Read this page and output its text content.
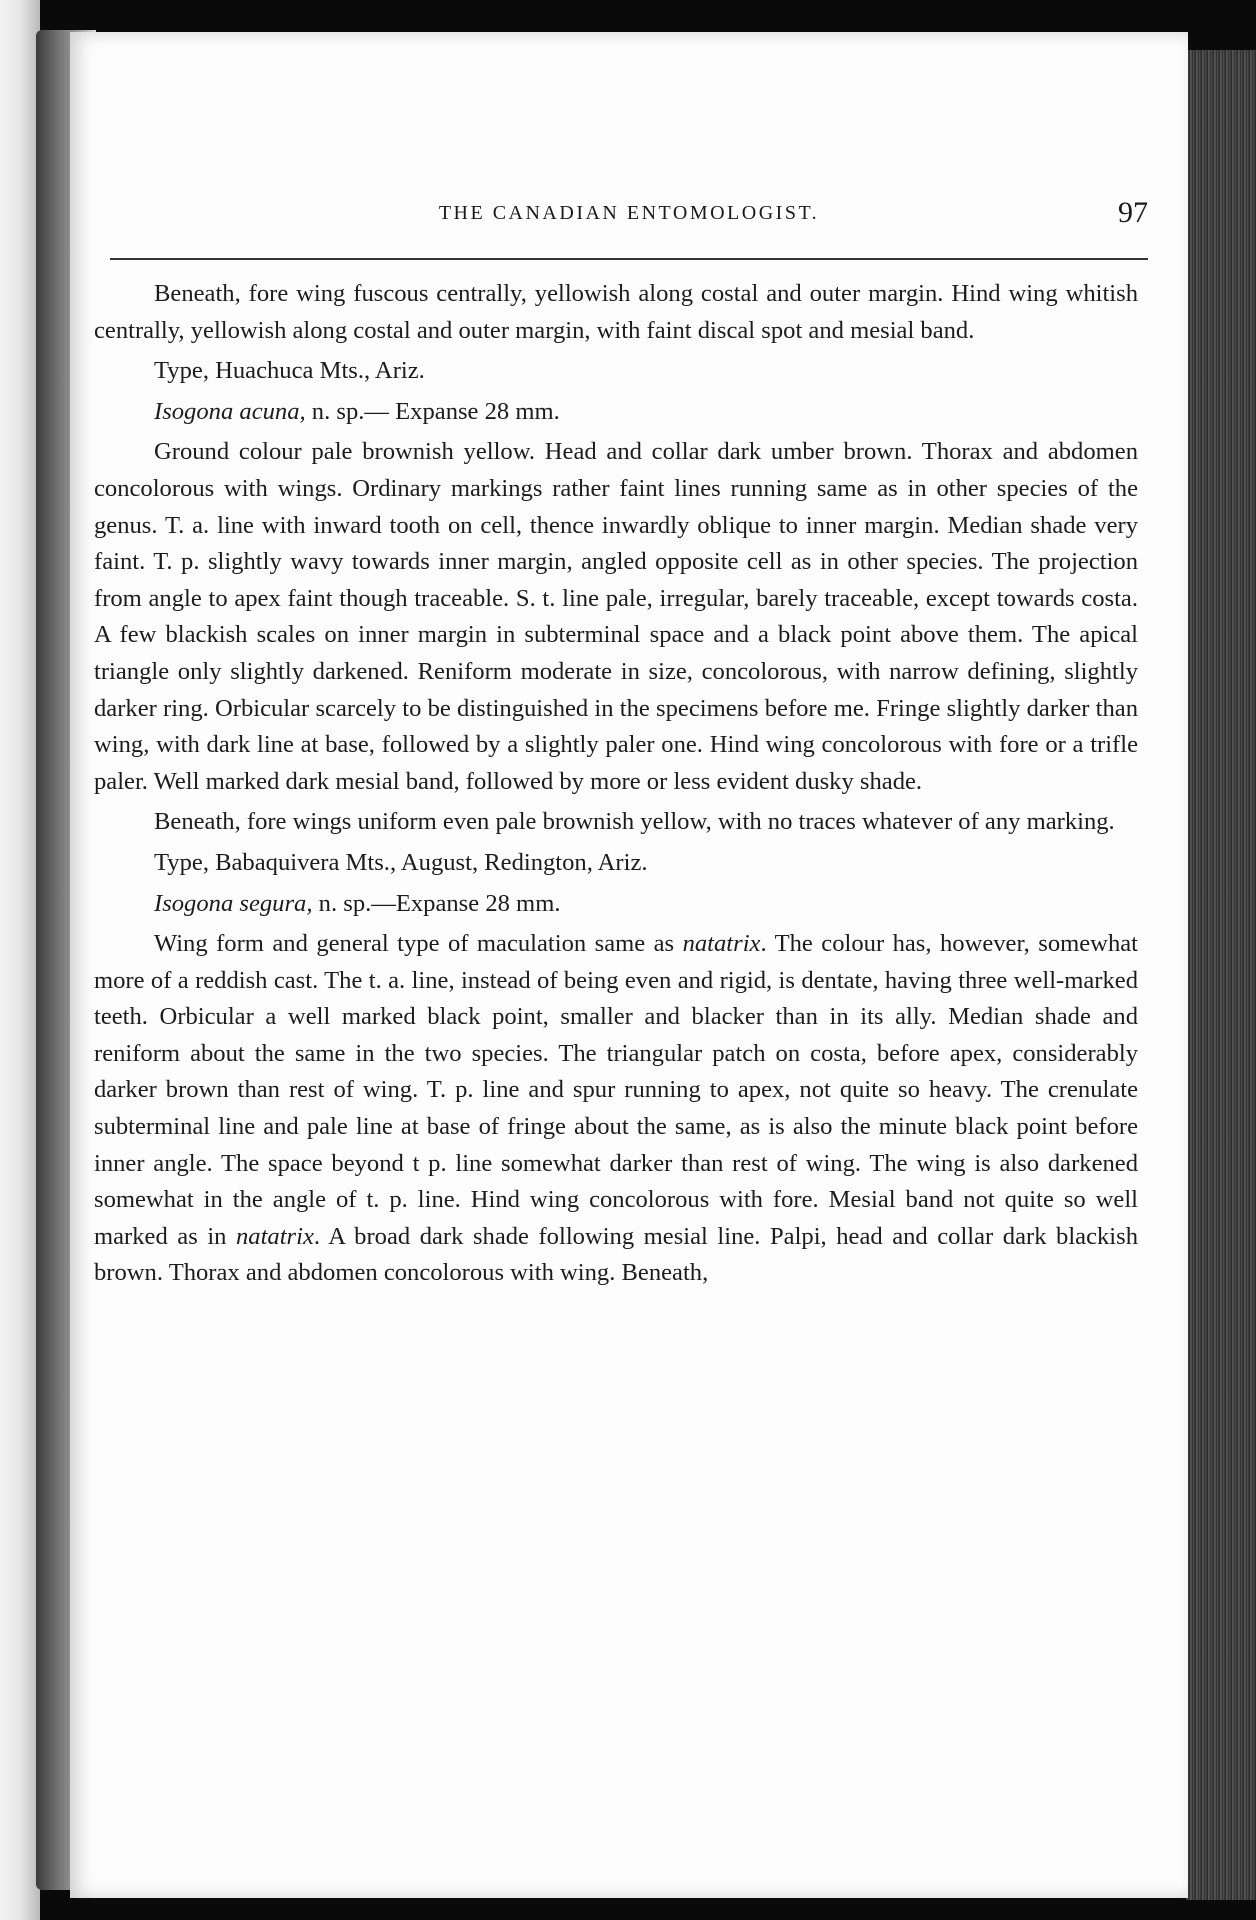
THE CANADIAN ENTOMOLOGIST.	97

Beneath, fore wing fuscous centrally, yellowish along costal and outer margin. Hind wing whitish centrally, yellowish along costal and outer margin, with faint discal spot and mesial band.

Type, Huachuca Mts., Ariz.

Isogona acuna, n. sp.— Expanse 28 mm.

Ground colour pale brownish yellow. Head and collar dark umber brown. Thorax and abdomen concolorous with wings. Ordinary markings rather faint lines running same as in other species of the genus. T. a. line with inward tooth on cell, thence inwardly oblique to inner margin. Median shade very faint. T. p. slightly wavy towards inner margin, angled opposite cell as in other species. The projection from angle to apex faint though traceable. S. t. line pale, irregular, barely traceable, except towards costa. A few blackish scales on inner margin in subterminal space and a black point above them. The apical triangle only slightly darkened. Reniform moderate in size, concolorous, with narrow defining, slightly darker ring. Orbicular scarcely to be distinguished in the specimens before me. Fringe slightly darker than wing, with dark line at base, followed by a slightly paler one. Hind wing concolorous with fore or a trifle paler. Well marked dark mesial band, followed by more or less evident dusky shade.

Beneath, fore wings uniform even pale brownish yellow, with no traces whatever of any marking.

Type, Babaquivera Mts., August, Redington, Ariz.

Isogona segura, n. sp.—Expanse 28 mm.

Wing form and general type of maculation same as natatrix. The colour has, however, somewhat more of a reddish cast. The t. a. line, instead of being even and rigid, is dentate, having three well-marked teeth. Orbicular a well marked black point, smaller and blacker than in its ally. Median shade and reniform about the same in the two species. The triangular patch on costa, before apex, considerably darker brown than rest of wing. T. p. line and spur running to apex, not quite so heavy. The crenulate subterminal line and pale line at base of fringe about the same, as is also the minute black point before inner angle. The space beyond t p. line somewhat darker than rest of wing. The wing is also darkened somewhat in the angle of t. p. line. Hind wing concolorous with fore. Mesial band not quite so well marked as in natatrix. A broad dark shade following mesial line. Palpi, head and collar dark blackish brown. Thorax and abdomen concolorous with wing. Beneath,
